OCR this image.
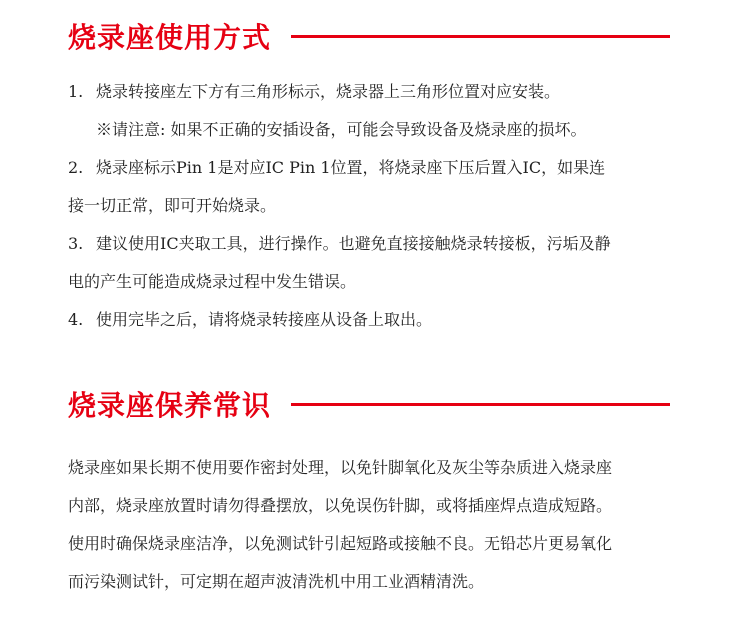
烧录座使用方式
1. 烧录转接座左下方有三角形标示，烧录器上三角形位置对应安装。
※请注意: 如果不正确的安插设备，可能会导致设备及烧录座的损坏。
2. 烧录座标示Pin 1是对应IC Pin 1位置，将烧录座下压后置入IC，如果连
接一切正常，即可开始烧录。
3. 建议使用IC夹取工具，进行操作。也避免直接接触烧录转接板，污垢及静
电的产生可能造成烧录过程中发生错误。
4. 使用完毕之后，请将烧录转接座从设备上取出。
烧录座保养常识
烧录座如果长期不使用要作密封处理，以免针脚氧化及灰尘等杂质进入烧录座
内部，烧录座放置时请勿得叠摆放，以免误伤针脚，或将插座焊点造成短路。
使用时确保烧录座洁净，以免测试针引起短路或接触不良。无铅芯片更易氧化
而污染测试针，可定期在超声波清洗机中用工业酒精清洗。
